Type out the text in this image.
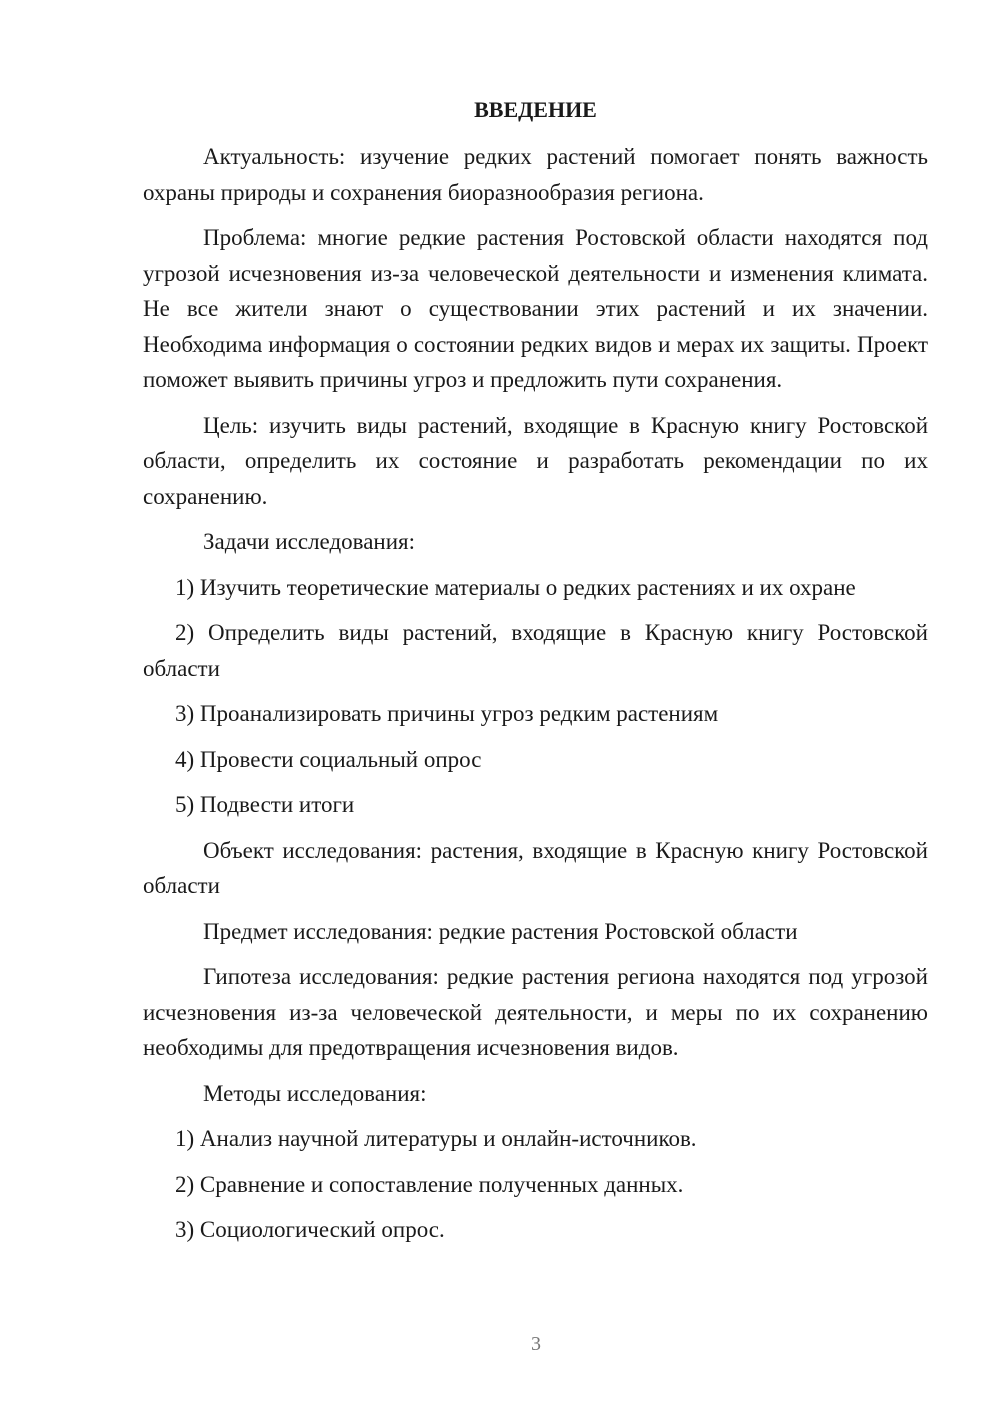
ВВЕДЕНИЕ

Актуальность: изучение редких растений помогает понять важность охраны природы и сохранения биоразнообразия региона.

Проблема: многие редкие растения Ростовской области находятся под угрозой исчезновения из-за человеческой деятельности и изменения климата. Не все жители знают о существовании этих растений и их значении. Необходима информация о состоянии редких видов и мерах их защиты. Проект поможет выявить причины угроз и предложить пути сохранения.

Цель: изучить виды растений, входящие в Красную книгу Ростовской области, определить их состояние и разработать рекомендации по их сохранению.

Задачи исследования:

1) Изучить теоретические материалы о редких растениях и их охране

2) Определить виды растений, входящие в Красную книгу Ростовской области

3) Проанализировать причины угроз редким растениям

4) Провести социальный опрос

5) Подвести итоги

Объект исследования: растения, входящие в Красную книгу Ростовской области

Предмет исследования: редкие растения Ростовской области

Гипотеза исследования: редкие растения региона находятся под угрозой исчезновения из-за человеческой деятельности, и меры по их сохранению необходимы для предотвращения исчезновения видов.

Методы исследования:

1) Анализ научной литературы и онлайн-источников.

2) Сравнение и сопоставление полученных данных.

3) Социологический опрос.

3
